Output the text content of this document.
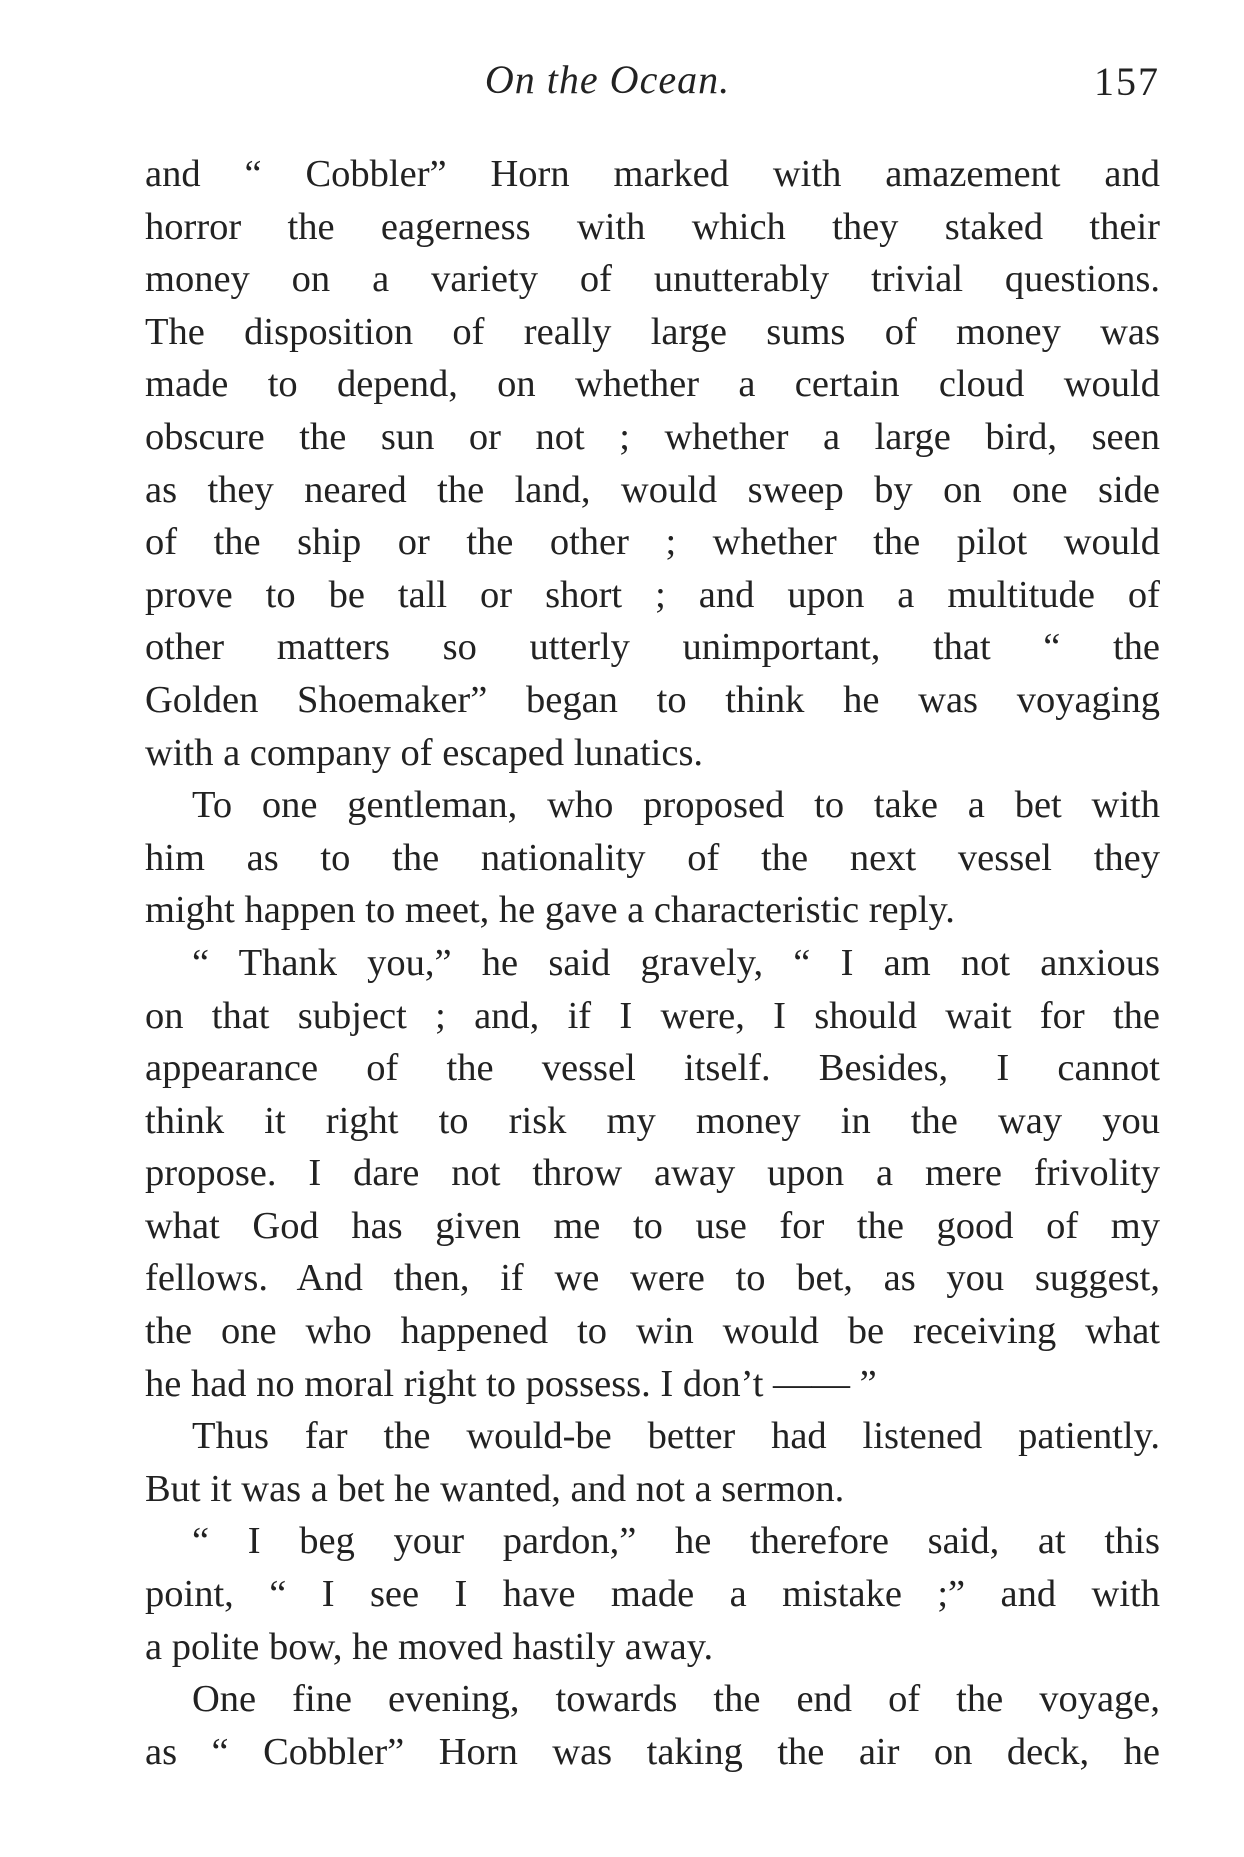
On the Ocean.	157

and “ Cobbler” Horn marked with amazement and
horror the eagerness with which they staked their
money on a variety of unutterably trivial questions.
The disposition of really large sums of money was
made to depend, on whether a certain cloud would
obscure the sun or not ; whether a large bird, seen
as they neared the land, would sweep by on one side
of the ship or the other ; whether the pilot would
prove to be tall or short ; and upon a multitude of
other matters so utterly unimportant, that “ the
Golden Shoemaker” began to think he was voyaging
with a company of escaped lunatics.

To one gentleman, who proposed to take a bet with
him as to the nationality of the next vessel they
might happen to meet, he gave a characteristic reply.

“ Thank you,” he said gravely, “ I am not anxious
on that subject ; and, if I were, I should wait for the
appearance of the vessel itself. Besides, I cannot
think it right to risk my money in the way you
propose. I dare not throw away upon a mere frivolity
what God has given me to use for the good of my
fellows. And then, if we were to bet, as you suggest,
the one who happened to win would be receiving what
he had no moral right to possess. I don’t —— ”

Thus far the would-be better had listened patiently.
But it was a bet he wanted, and not a sermon.

“ I beg your pardon,” he therefore said, at this
point, “ I see I have made a mistake ;” and with
a polite bow, he moved hastily away.

One fine evening, towards the end of the voyage,
as “ Cobbler” Horn was taking the air on deck, he
